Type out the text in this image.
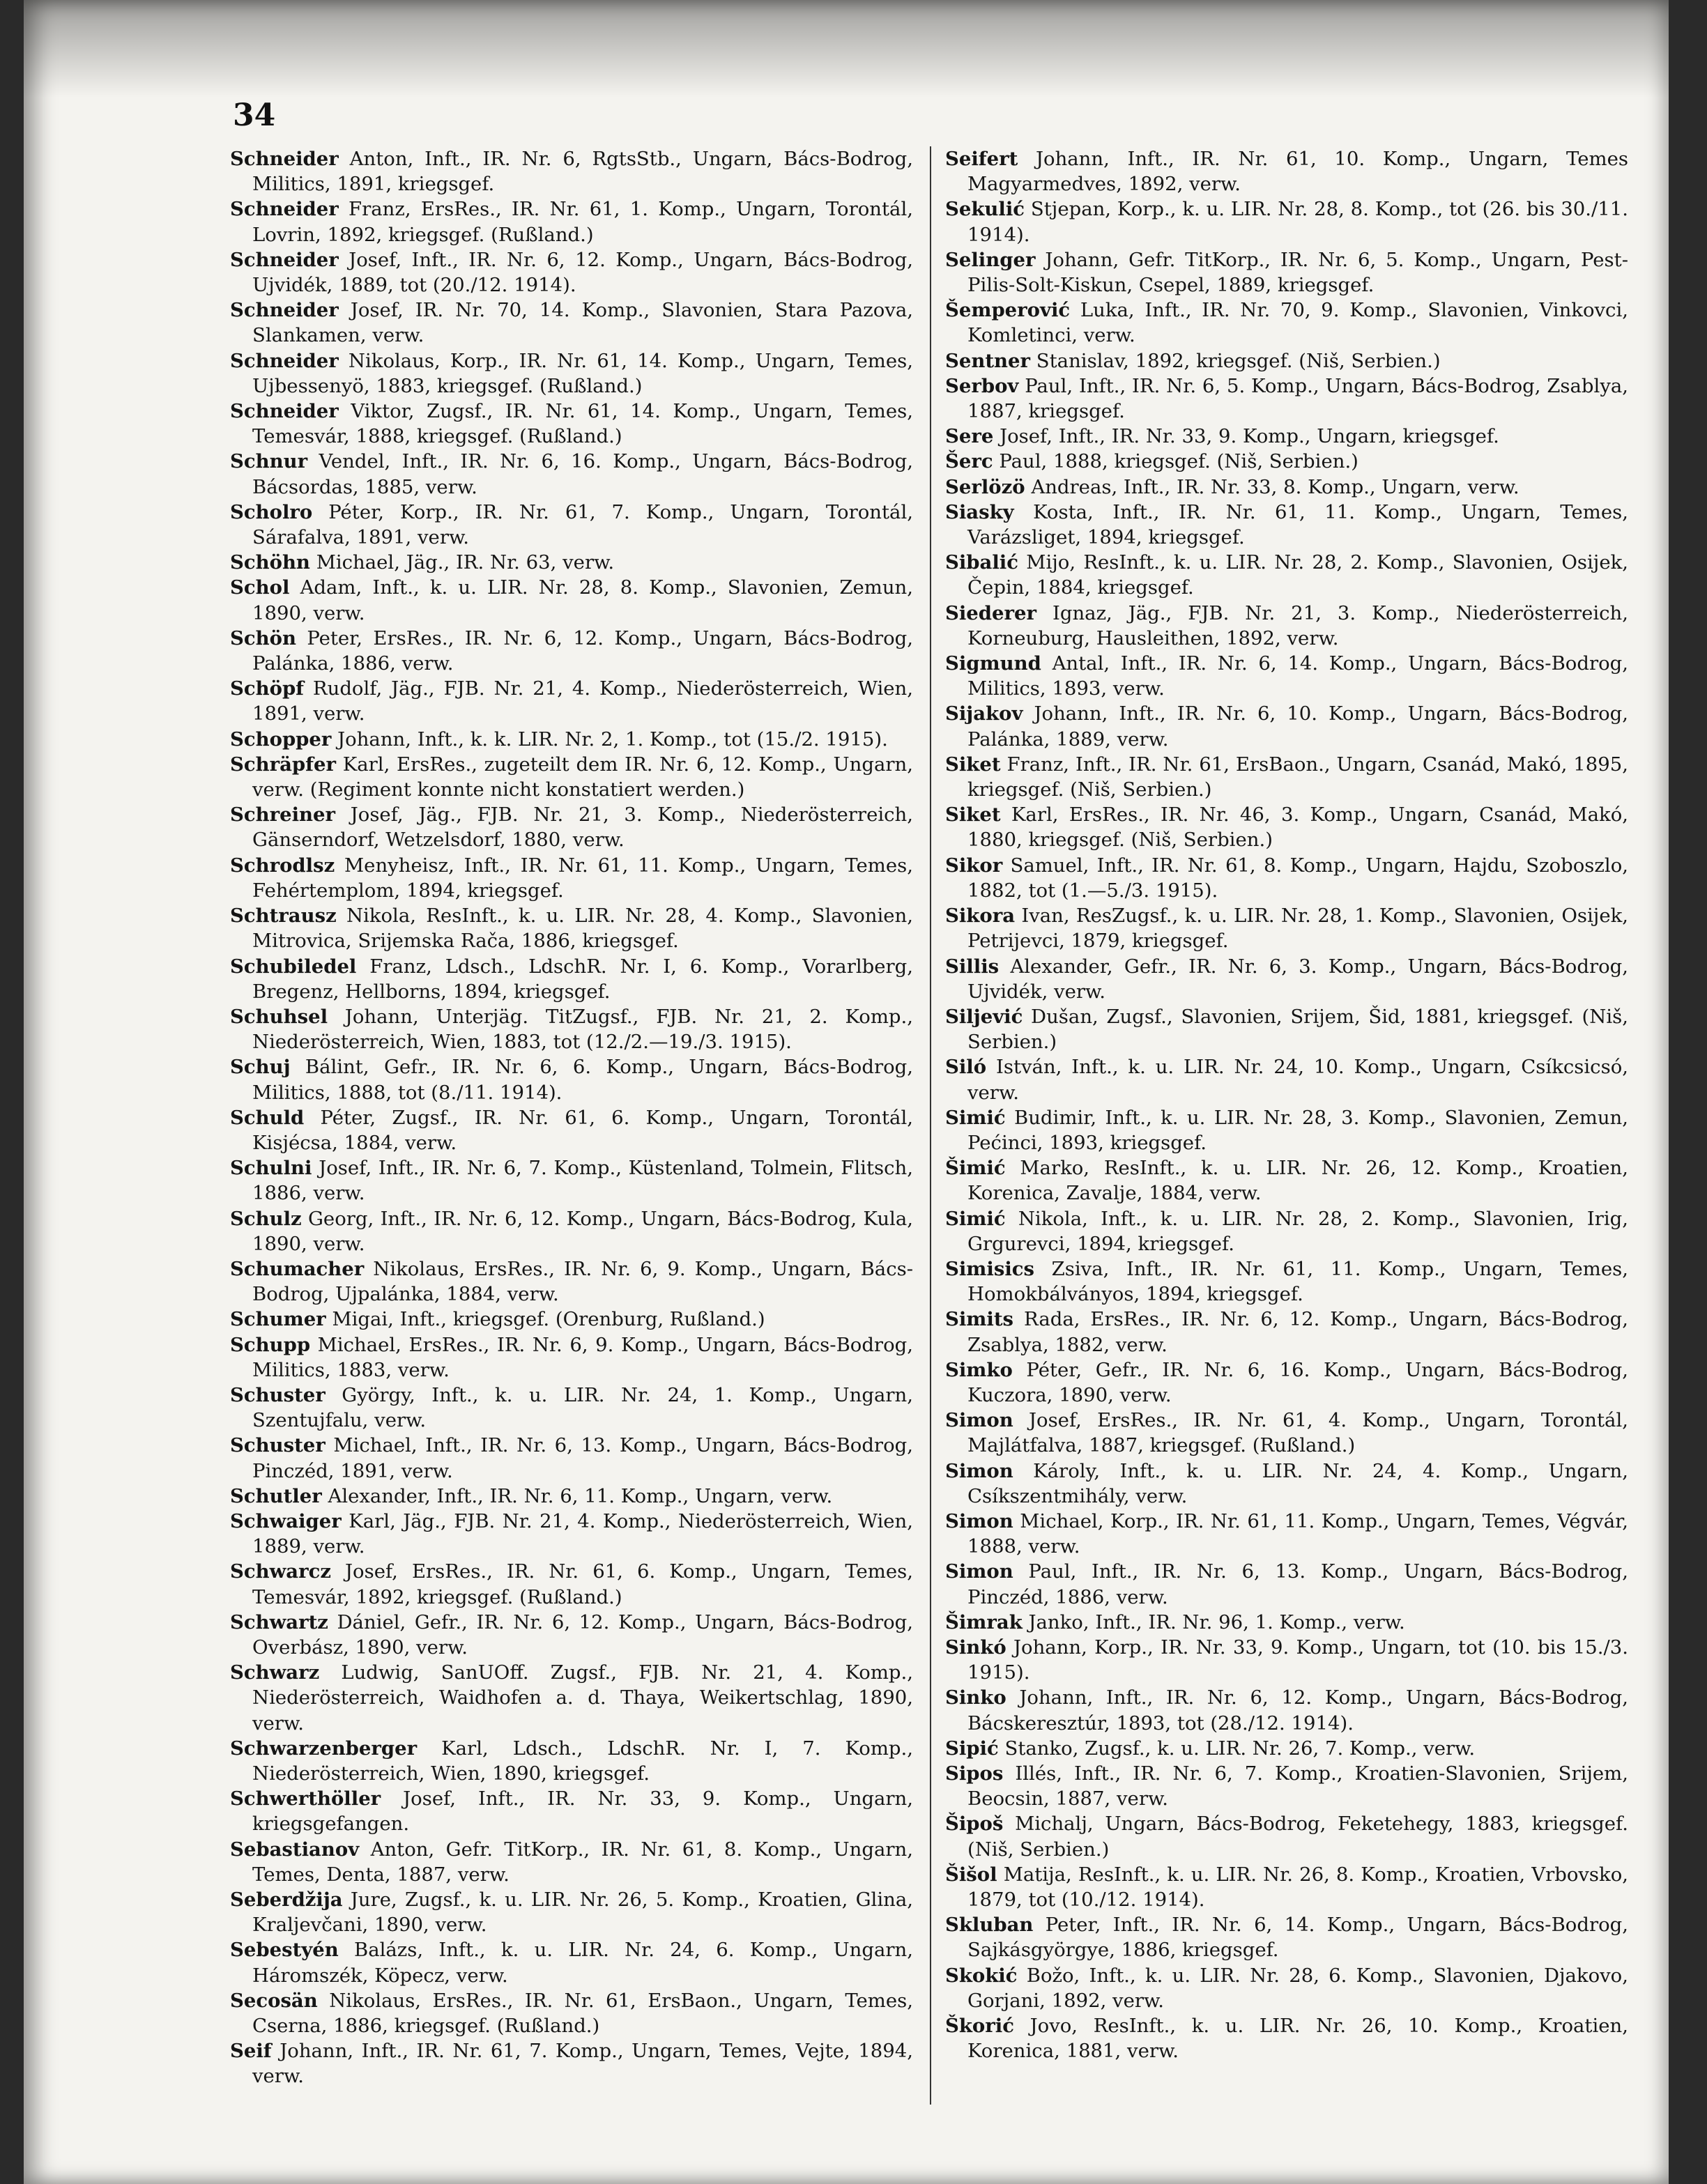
34

Schneider Anton, Inft., IR. Nr. 6, RgtsStb., Ungarn, Bács-Bodrog, Militics, 1891, kriegsgef.

Schneider Franz, ErsRes., IR. Nr. 61, 1. Komp., Ungarn, Torontál, Lovrin, 1892, kriegsgef. (Rußland.)

Schneider Josef, Inft., IR. Nr. 6, 12. Komp., Ungarn, Bács-Bodrog, Ujvidék, 1889, tot (20./12. 1914).

Schneider Josef, IR. Nr. 70, 14. Komp., Slavonien, Stara Pazova, Slankamen, verw.

Schneider Nikolaus, Korp., IR. Nr. 61, 14. Komp., Ungarn, Temes, Ujbessenyö, 1883, kriegsgef. (Rußland.)

Schneider Viktor, Zugsf., IR. Nr. 61, 14. Komp., Ungarn, Temes, Temesvár, 1888, kriegsgef. (Rußland.)

Schnur Vendel, Inft., IR. Nr. 6, 16. Komp., Ungarn, Bács-Bodrog, Bácsordas, 1885, verw.

Scholro Péter, Korp., IR. Nr. 61, 7. Komp., Ungarn, Torontál, Sárafalva, 1891, verw.

Schöhn Michael, Jäg., IR. Nr. 63, verw.

Schol Adam, Inft., k. u. LIR. Nr. 28, 8. Komp., Slavonien, Zemun, 1890, verw.

Schön Peter, ErsRes., IR. Nr. 6, 12. Komp., Ungarn, Bács-Bodrog, Palánka, 1886, verw.

Schöpf Rudolf, Jäg., FJB. Nr. 21, 4. Komp., Niederösterreich, Wien, 1891, verw.

Schopper Johann, Inft., k. k. LIR. Nr. 2, 1. Komp., tot (15./2. 1915).

Schräpfer Karl, ErsRes., zugeteilt dem IR. Nr. 6, 12. Komp., Ungarn, verw. (Regiment konnte nicht konstatiert werden.)

Schreiner Josef, Jäg., FJB. Nr. 21, 3. Komp., Niederösterreich, Gänserndorf, Wetzelsdorf, 1880, verw.

Schrodlsz Menyheisz, Inft., IR. Nr. 61, 11. Komp., Ungarn, Temes, Fehértemplom, 1894, kriegsgef.

Schtrausz Nikola, ResInft., k. u. LIR. Nr. 28, 4. Komp., Slavonien, Mitrovica, Srijemska Rača, 1886, kriegsgef.

Schubiledel Franz, Ldsch., LdschR. Nr. I, 6. Komp., Vorarlberg, Bregenz, Hellborns, 1894, kriegsgef.

Schuhsel Johann, Unterjäg. TitZugsf., FJB. Nr. 21, 2. Komp., Niederösterreich, Wien, 1883, tot (12./2.—19./3. 1915).

Schuj Bálint, Gefr., IR. Nr. 6, 6. Komp., Ungarn, Bács-Bodrog, Militics, 1888, tot (8./11. 1914).

Schuld Péter, Zugsf., IR. Nr. 61, 6. Komp., Ungarn, Torontál, Kisjécsa, 1884, verw.

Schulni Josef, Inft., IR. Nr. 6, 7. Komp., Küstenland, Tolmein, Flitsch, 1886, verw.

Schulz Georg, Inft., IR. Nr. 6, 12. Komp., Ungarn, Bács-Bodrog, Kula, 1890, verw.

Schumacher Nikolaus, ErsRes., IR. Nr. 6, 9. Komp., Ungarn, Bács-Bodrog, Ujpalánka, 1884, verw.

Schumer Migai, Inft., kriegsgef. (Orenburg, Rußland.)

Schupp Michael, ErsRes., IR. Nr. 6, 9. Komp., Ungarn, Bács-Bodrog, Militics, 1883, verw.

Schuster György, Inft., k. u. LIR. Nr. 24, 1. Komp., Ungarn, Szentujfalu, verw.

Schuster Michael, Inft., IR. Nr. 6, 13. Komp., Ungarn, Bács-Bodrog, Pinczéd, 1891, verw.

Schutler Alexander, Inft., IR. Nr. 6, 11. Komp., Ungarn, verw.

Schwaiger Karl, Jäg., FJB. Nr. 21, 4. Komp., Niederösterreich, Wien, 1889, verw.

Schwarcz Josef, ErsRes., IR. Nr. 61, 6. Komp., Ungarn, Temes, Temesvár, 1892, kriegsgef. (Rußland.)

Schwartz Dániel, Gefr., IR. Nr. 6, 12. Komp., Ungarn, Bács-Bodrog, Overbász, 1890, verw.

Schwarz Ludwig, SanUOff. Zugsf., FJB. Nr. 21, 4. Komp., Niederösterreich, Waidhofen a. d. Thaya, Weikertschlag, 1890, verw.

Schwarzenberger Karl, Ldsch., LdschR. Nr. I, 7. Komp., Niederösterreich, Wien, 1890, kriegsgef.

Schwerthöller Josef, Inft., IR. Nr. 33, 9. Komp., Ungarn, kriegsgefangen.

Sebastianov Anton, Gefr. TitKorp., IR. Nr. 61, 8. Komp., Ungarn, Temes, Denta, 1887, verw.

Seberdžija Jure, Zugsf., k. u. LIR. Nr. 26, 5. Komp., Kroatien, Glina, Kraljevčani, 1890, verw.

Sebestyén Balázs, Inft., k. u. LIR. Nr. 24, 6. Komp., Ungarn, Háromszék, Köpecz, verw.

Secosän Nikolaus, ErsRes., IR. Nr. 61, ErsBaon., Ungarn, Temes, Cserna, 1886, kriegsgef. (Rußland.)

Seif Johann, Inft., IR. Nr. 61, 7. Komp., Ungarn, Temes, Vejte, 1894, verw.

Seifert Johann, Inft., IR. Nr. 61, 10. Komp., Ungarn, Temes Magyarmedves, 1892, verw.

Sekulić Stjepan, Korp., k. u. LIR. Nr. 28, 8. Komp., tot (26. bis 30./11. 1914).

Selinger Johann, Gefr. TitKorp., IR. Nr. 6, 5. Komp., Ungarn, Pest-Pilis-Solt-Kiskun, Csepel, 1889, kriegsgef.

Šemperović Luka, Inft., IR. Nr. 70, 9. Komp., Slavonien, Vinkovci, Komletinci, verw.

Sentner Stanislav, 1892, kriegsgef. (Niš, Serbien.)

Serbov Paul, Inft., IR. Nr. 6, 5. Komp., Ungarn, Bács-Bodrog, Zsablya, 1887, kriegsgef.

Sere Josef, Inft., IR. Nr. 33, 9. Komp., Ungarn, kriegsgef.

Šerc Paul, 1888, kriegsgef. (Niš, Serbien.)

Serlözö Andreas, Inft., IR. Nr. 33, 8. Komp., Ungarn, verw.

Siasky Kosta, Inft., IR. Nr. 61, 11. Komp., Ungarn, Temes, Varázsliget, 1894, kriegsgef.

Sibalić Mijo, ResInft., k. u. LIR. Nr. 28, 2. Komp., Slavonien, Osijek, Čepin, 1884, kriegsgef.

Siederer Ignaz, Jäg., FJB. Nr. 21, 3. Komp., Niederösterreich, Korneuburg, Hausleithen, 1892, verw.

Sigmund Antal, Inft., IR. Nr. 6, 14. Komp., Ungarn, Bács-Bodrog, Militics, 1893, verw.

Sijakov Johann, Inft., IR. Nr. 6, 10. Komp., Ungarn, Bács-Bodrog, Palánka, 1889, verw.

Siket Franz, Inft., IR. Nr. 61, ErsBaon., Ungarn, Csanád, Makó, 1895, kriegsgef. (Niš, Serbien.)

Siket Karl, ErsRes., IR. Nr. 46, 3. Komp., Ungarn, Csanád, Makó, 1880, kriegsgef. (Niš, Serbien.)

Sikor Samuel, Inft., IR. Nr. 61, 8. Komp., Ungarn, Hajdu, Szoboszlo, 1882, tot (1.—5./3. 1915).

Sikora Ivan, ResZugsf., k. u. LIR. Nr. 28, 1. Komp., Slavonien, Osijek, Petrijevci, 1879, kriegsgef.

Sillis Alexander, Gefr., IR. Nr. 6, 3. Komp., Ungarn, Bács-Bodrog, Ujvidék, verw.

Siljević Dušan, Zugsf., Slavonien, Srijem, Šid, 1881, kriegsgef. (Niš, Serbien.)

Siló István, Inft., k. u. LIR. Nr. 24, 10. Komp., Ungarn, Csíkcsicsó, verw.

Simić Budimir, Inft., k. u. LIR. Nr. 28, 3. Komp., Slavonien, Zemun, Pećinci, 1893, kriegsgef.

Šimić Marko, ResInft., k. u. LIR. Nr. 26, 12. Komp., Kroatien, Korenica, Zavalje, 1884, verw.

Simić Nikola, Inft., k. u. LIR. Nr. 28, 2. Komp., Slavonien, Irig, Grgurevci, 1894, kriegsgef.

Simisics Zsiva, Inft., IR. Nr. 61, 11. Komp., Ungarn, Temes, Homokbálványos, 1894, kriegsgef.

Simits Rada, ErsRes., IR. Nr. 6, 12. Komp., Ungarn, Bács-Bodrog, Zsablya, 1882, verw.

Simko Péter, Gefr., IR. Nr. 6, 16. Komp., Ungarn, Bács-Bodrog, Kuczora, 1890, verw.

Simon Josef, ErsRes., IR. Nr. 61, 4. Komp., Ungarn, Torontál, Majlátfalva, 1887, kriegsgef. (Rußland.)

Simon Károly, Inft., k. u. LIR. Nr. 24, 4. Komp., Ungarn, Csíkszentmihály, verw.

Simon Michael, Korp., IR. Nr. 61, 11. Komp., Ungarn, Temes, Végvár, 1888, verw.

Simon Paul, Inft., IR. Nr. 6, 13. Komp., Ungarn, Bács-Bodrog, Pinczéd, 1886, verw.

Šimrak Janko, Inft., IR. Nr. 96, 1. Komp., verw.

Sinkó Johann, Korp., IR. Nr. 33, 9. Komp., Ungarn, tot (10. bis 15./3. 1915).

Sinko Johann, Inft., IR. Nr. 6, 12. Komp., Ungarn, Bács-Bodrog, Bácskeresztúr, 1893, tot (28./12. 1914).

Sipić Stanko, Zugsf., k. u. LIR. Nr. 26, 7. Komp., verw.

Sipos Illés, Inft., IR. Nr. 6, 7. Komp., Kroatien-Slavonien, Srijem, Beocsin, 1887, verw.

Šipoš Michalj, Ungarn, Bács-Bodrog, Feketehegy, 1883, kriegsgef. (Niš, Serbien.)

Šišol Matija, ResInft., k. u. LIR. Nr. 26, 8. Komp., Kroatien, Vrbovsko, 1879, tot (10./12. 1914).

Skluban Peter, Inft., IR. Nr. 6, 14. Komp., Ungarn, Bács-Bodrog, Sajkásgyörgye, 1886, kriegsgef.

Skokić Božo, Inft., k. u. LIR. Nr. 28, 6. Komp., Slavonien, Djakovo, Gorjani, 1892, verw.

Škorić Jovo, ResInft., k. u. LIR. Nr. 26, 10. Komp., Kroatien, Korenica, 1881, verw.
